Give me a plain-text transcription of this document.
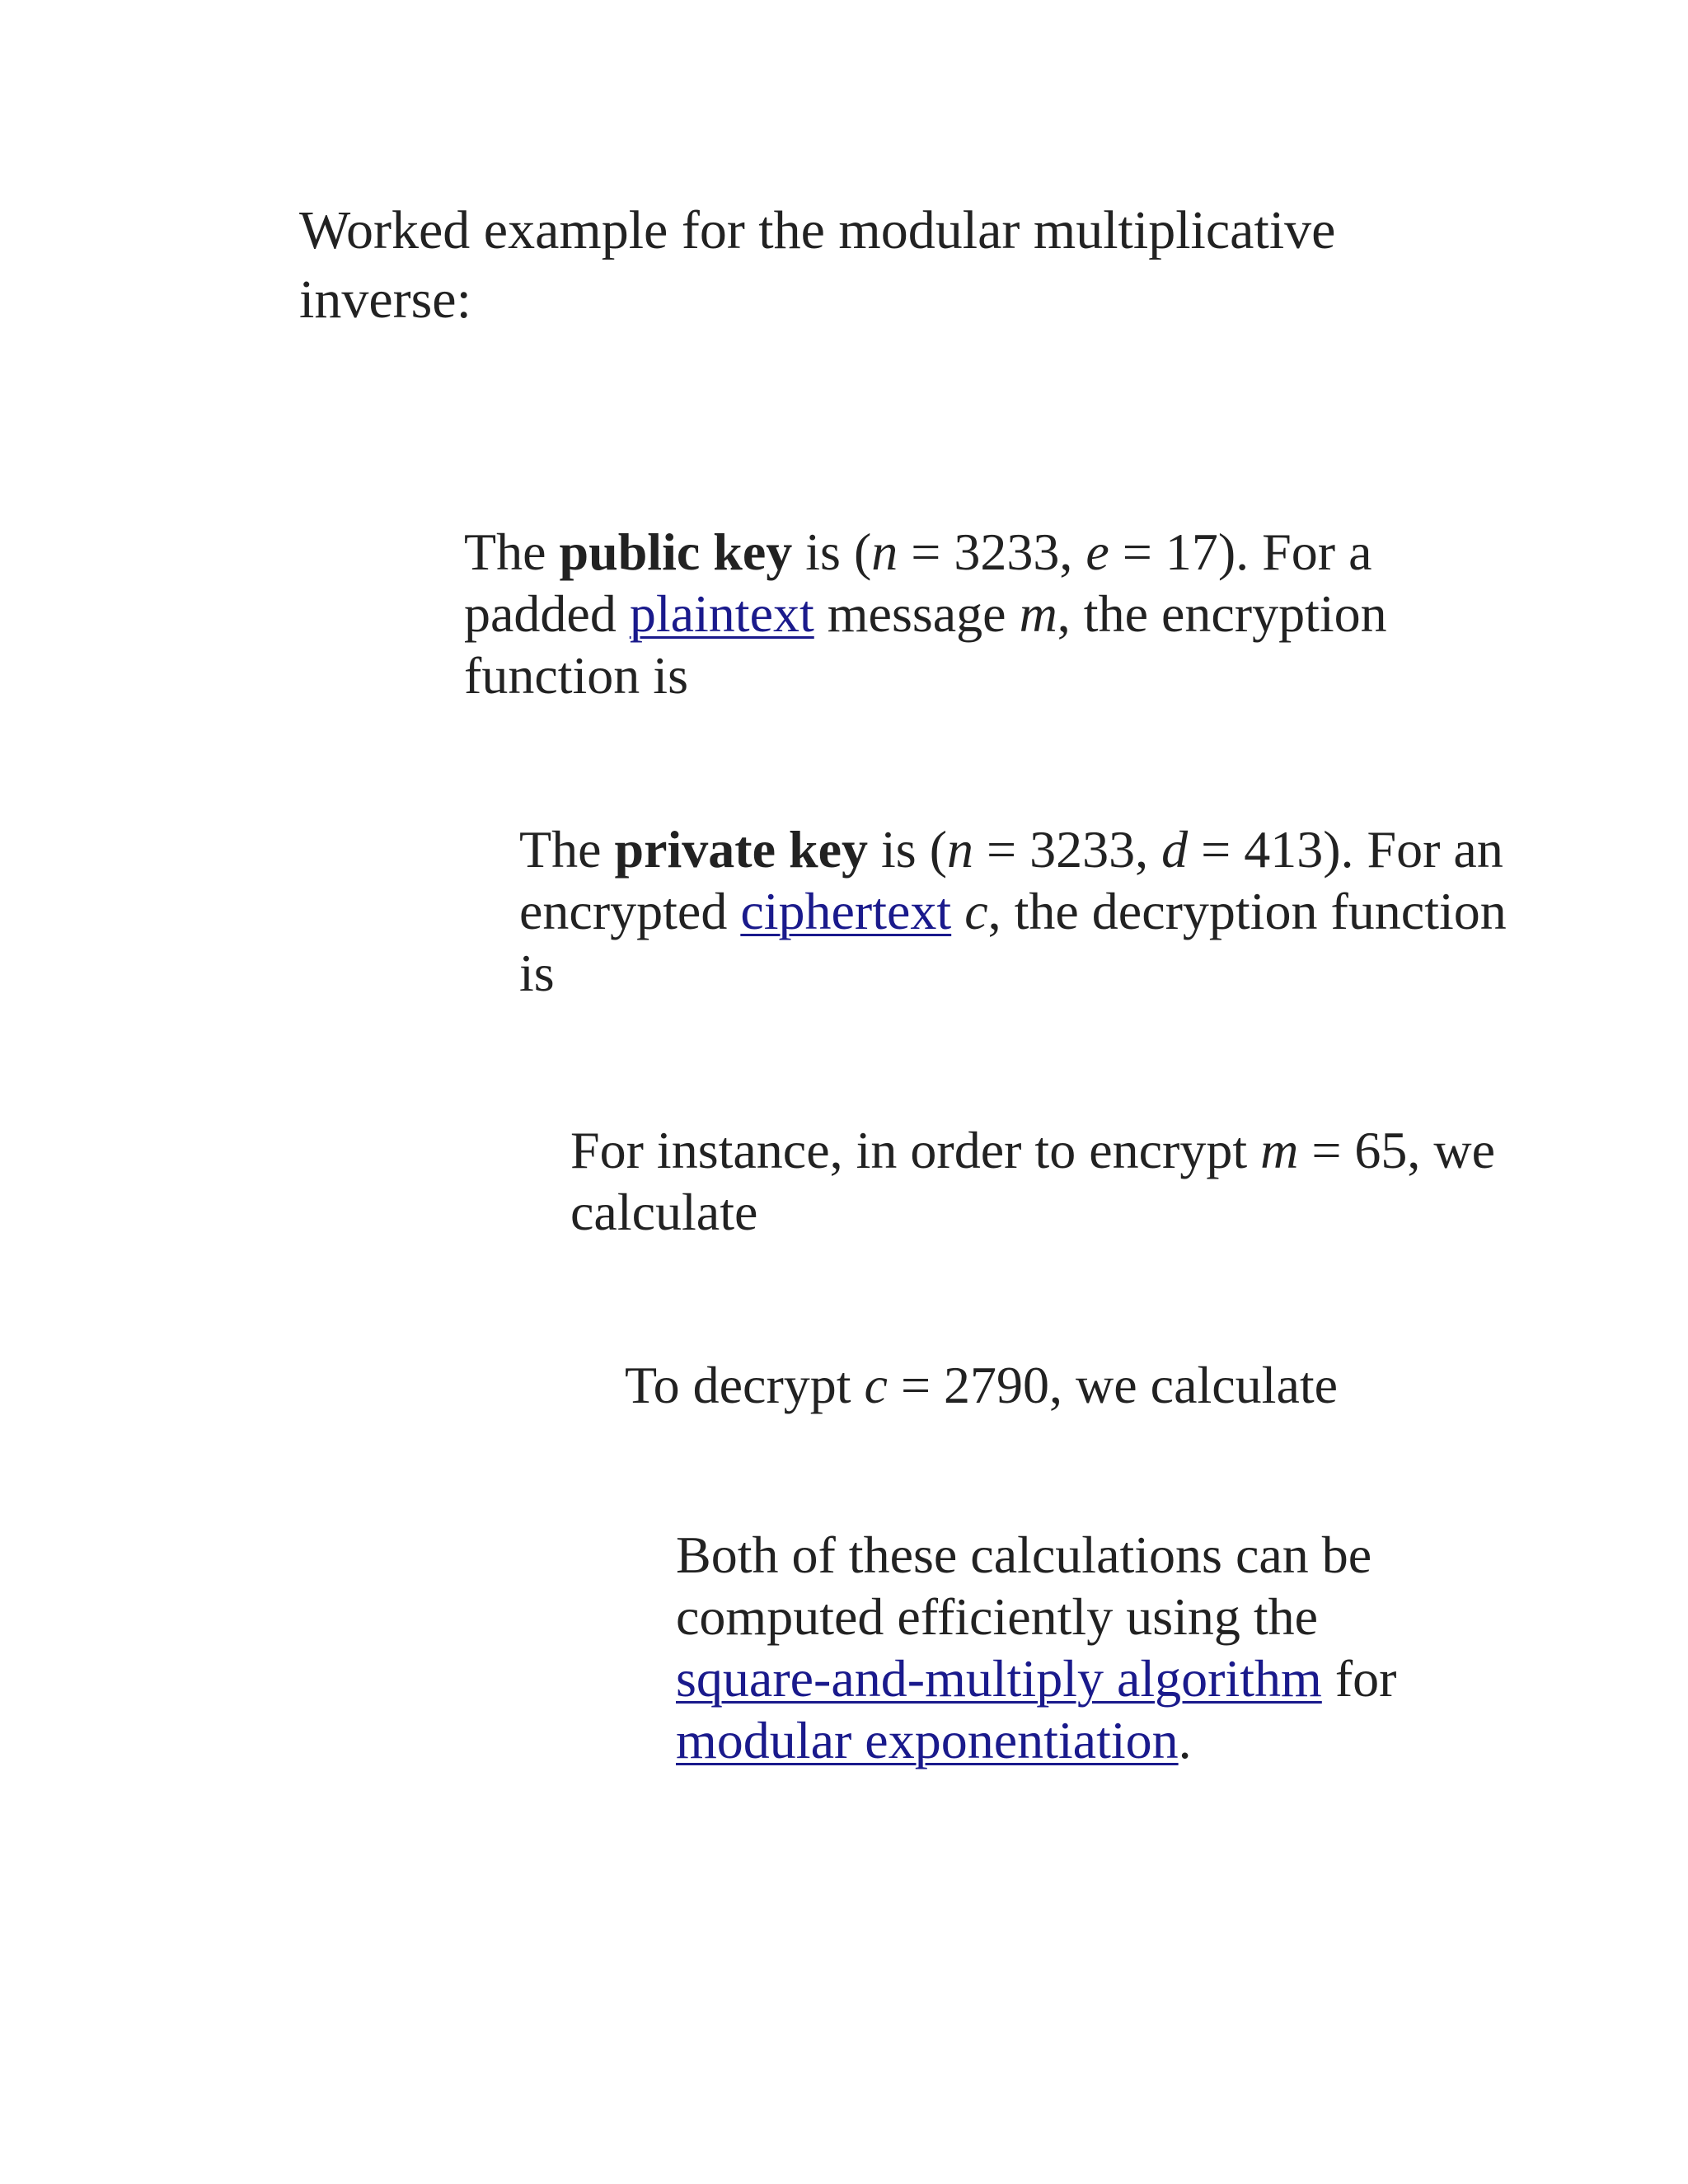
Worked example for the modular multiplicative inverse:

The public key is (n = 3233, e = 17). For a padded plaintext message m, the encryption function is

The private key is (n = 3233, d = 413). For an encrypted ciphertext c, the decryption function is

For instance, in order to encrypt m = 65, we calculate

To decrypt c = 2790, we calculate

Both of these calculations can be computed efficiently using the square-and-multiply algorithm for modular exponentiation.
